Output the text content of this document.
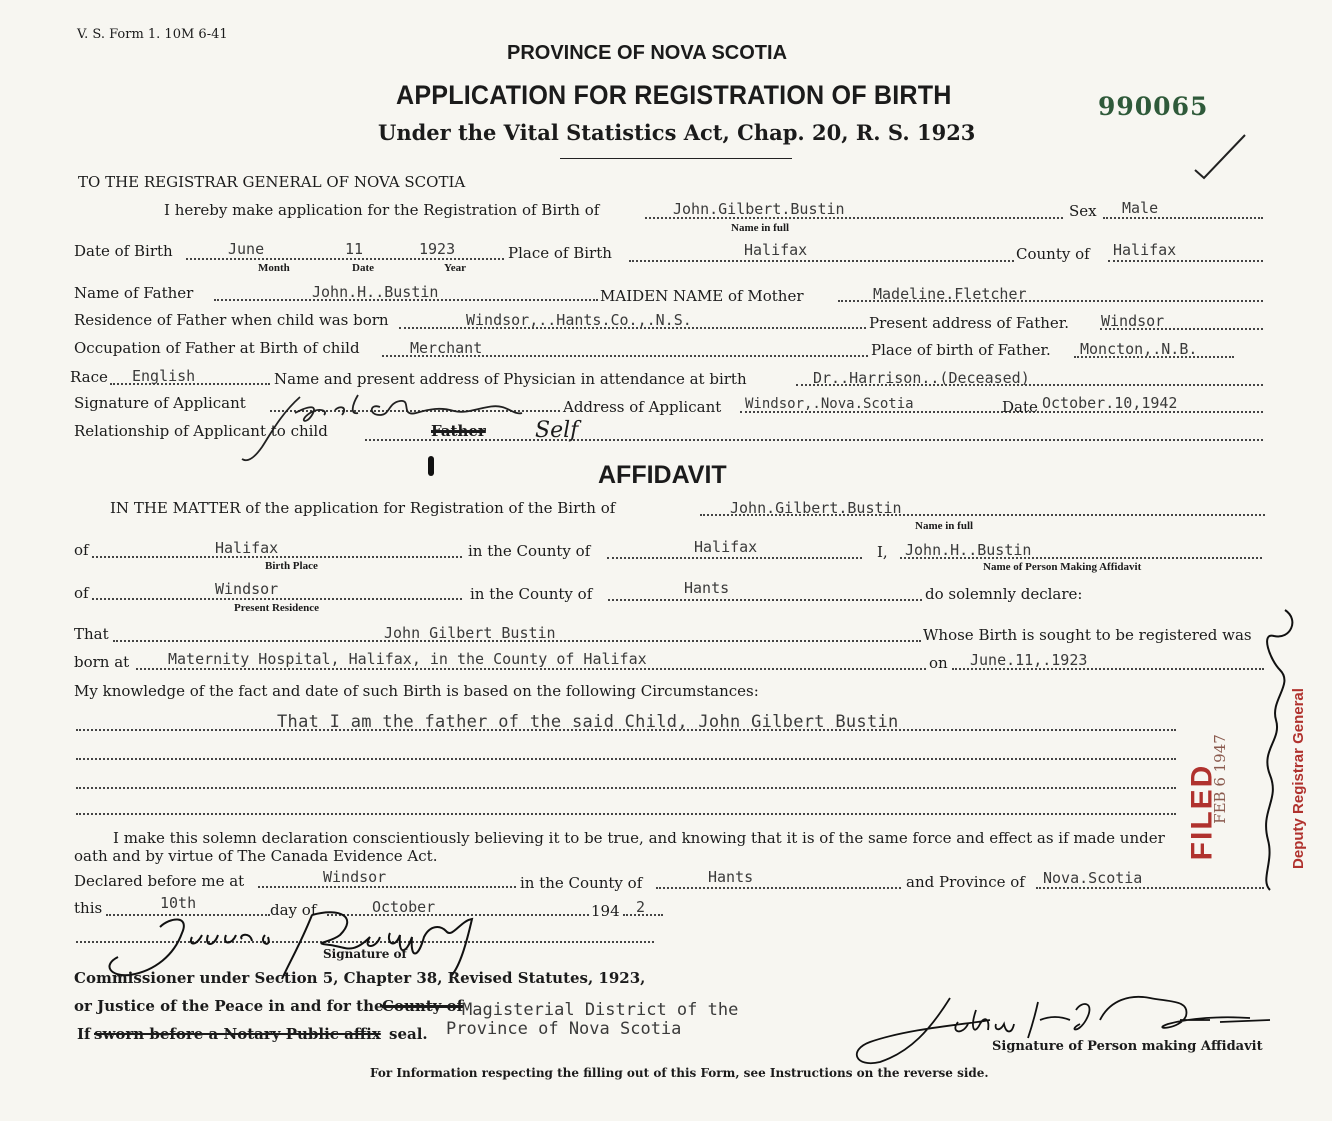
V. S. Form 1. 10M 6-41
PROVINCE OF NOVA SCOTIA
APPLICATION FOR REGISTRATION OF BIRTH
Under the Vital Statistics Act, Chap. 20, R. S. 1923
990065
TO THE REGISTRAR GENERAL OF NOVA SCOTIA
I hereby make application for the Registration of Birth of	John.Gilbert.Bustin
Name in full
Sex Male
Date of Birth	June	11	1923
Month	Date	Year
Place of Birth	Halifax	County of Halifax
Name of Father	John.H..Bustin	MAIDEN NAME of Mother	Madeline.Fletcher
Residence of Father when child was born	Windsor,..Hants.Co.,.N.S.	Present address of Father. Windsor
Occupation of Father at Birth of child	Merchant	Place of birth of Father. Moncton,.N.B.
Race English	Name and present address of Physician in attendance at birth	Dr..Harrison..(Deceased)
Signature of Applicant	Address of Applicant Windsor,.Nova.Scotia	Date October.10,1942
Relationship of Applicant to child	Father Self
AFFIDAVIT
IN THE MATTER of the application for Registration of the Birth of	John.Gilbert.Bustin
Name in full
of	Halifax
Birth Place
in the County of	Halifax	I, John.H..Bustin
Name of Person Making Affidavit
of	Windsor
Present Residence
in the County of	Hants	do solemnly declare:
That	John Gilbert Bustin	Whose Birth is sought to be registered was
born at	Maternity Hospital, Halifax, in the County of Halifax	on June.11,.1923
My knowledge of the fact and date of such Birth is based on the following Circumstances:
That I am the father of the said Child, John Gilbert Bustin
I make this solemn declaration conscientiously believing it to be true, and knowing that it is of the same force and effect as if made under
oath and by virtue of The Canada Evidence Act.
Declared before me at	Windsor	in the County of	Hants	and Province of Nova.Scotia
this	10th	day of	October	194 2
Signature of
Commissioner under Section 5, Chapter 38, Revised Statutes, 1923,
or Justice of the Peace in and for the
County of
Magisterial District of the
Province of Nova Scotia
If sworn before a Notary Public affix seal.
Signature of Person making Affidavit
For Information respecting the filling out of this Form, see Instructions on the reverse side.
FILED
FEB 6 1947	Deputy Registrar General
